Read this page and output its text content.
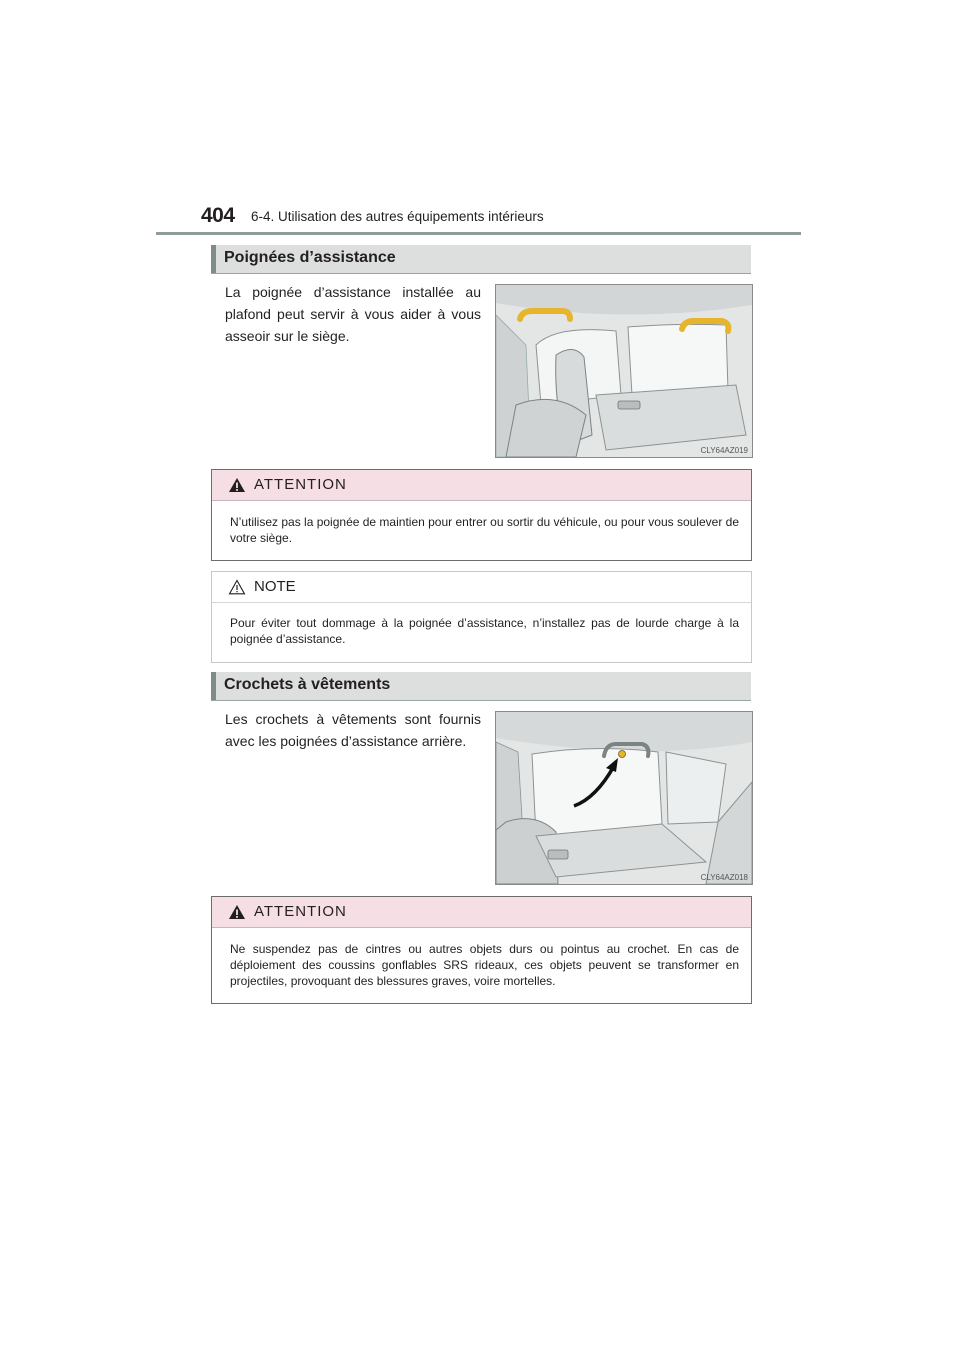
404 6-4. Utilisation des autres équipements intérieurs
Poignées d’assistance
La poignée d’assistance installée au plafond peut servir à vous aider à vous asseoir sur le siège.
CLY64AZ019
ATTENTION
N’utilisez pas la poignée de maintien pour entrer ou sortir du véhicule, ou pour vous soulever de votre siège.
NOTE
Pour éviter tout dommage à la poignée d’assistance, n’installez pas de lourde charge à la poignée d’assistance.
Crochets à vêtements
Les crochets à vêtements sont fournis avec les poignées d’assistance arrière.
CLY64AZ018
ATTENTION
Ne suspendez pas de cintres ou autres objets durs ou pointus au crochet. En cas de déploiement des coussins gonflables SRS rideaux, ces objets peuvent se transformer en projectiles, provoquant des blessures graves, voire mortelles.
